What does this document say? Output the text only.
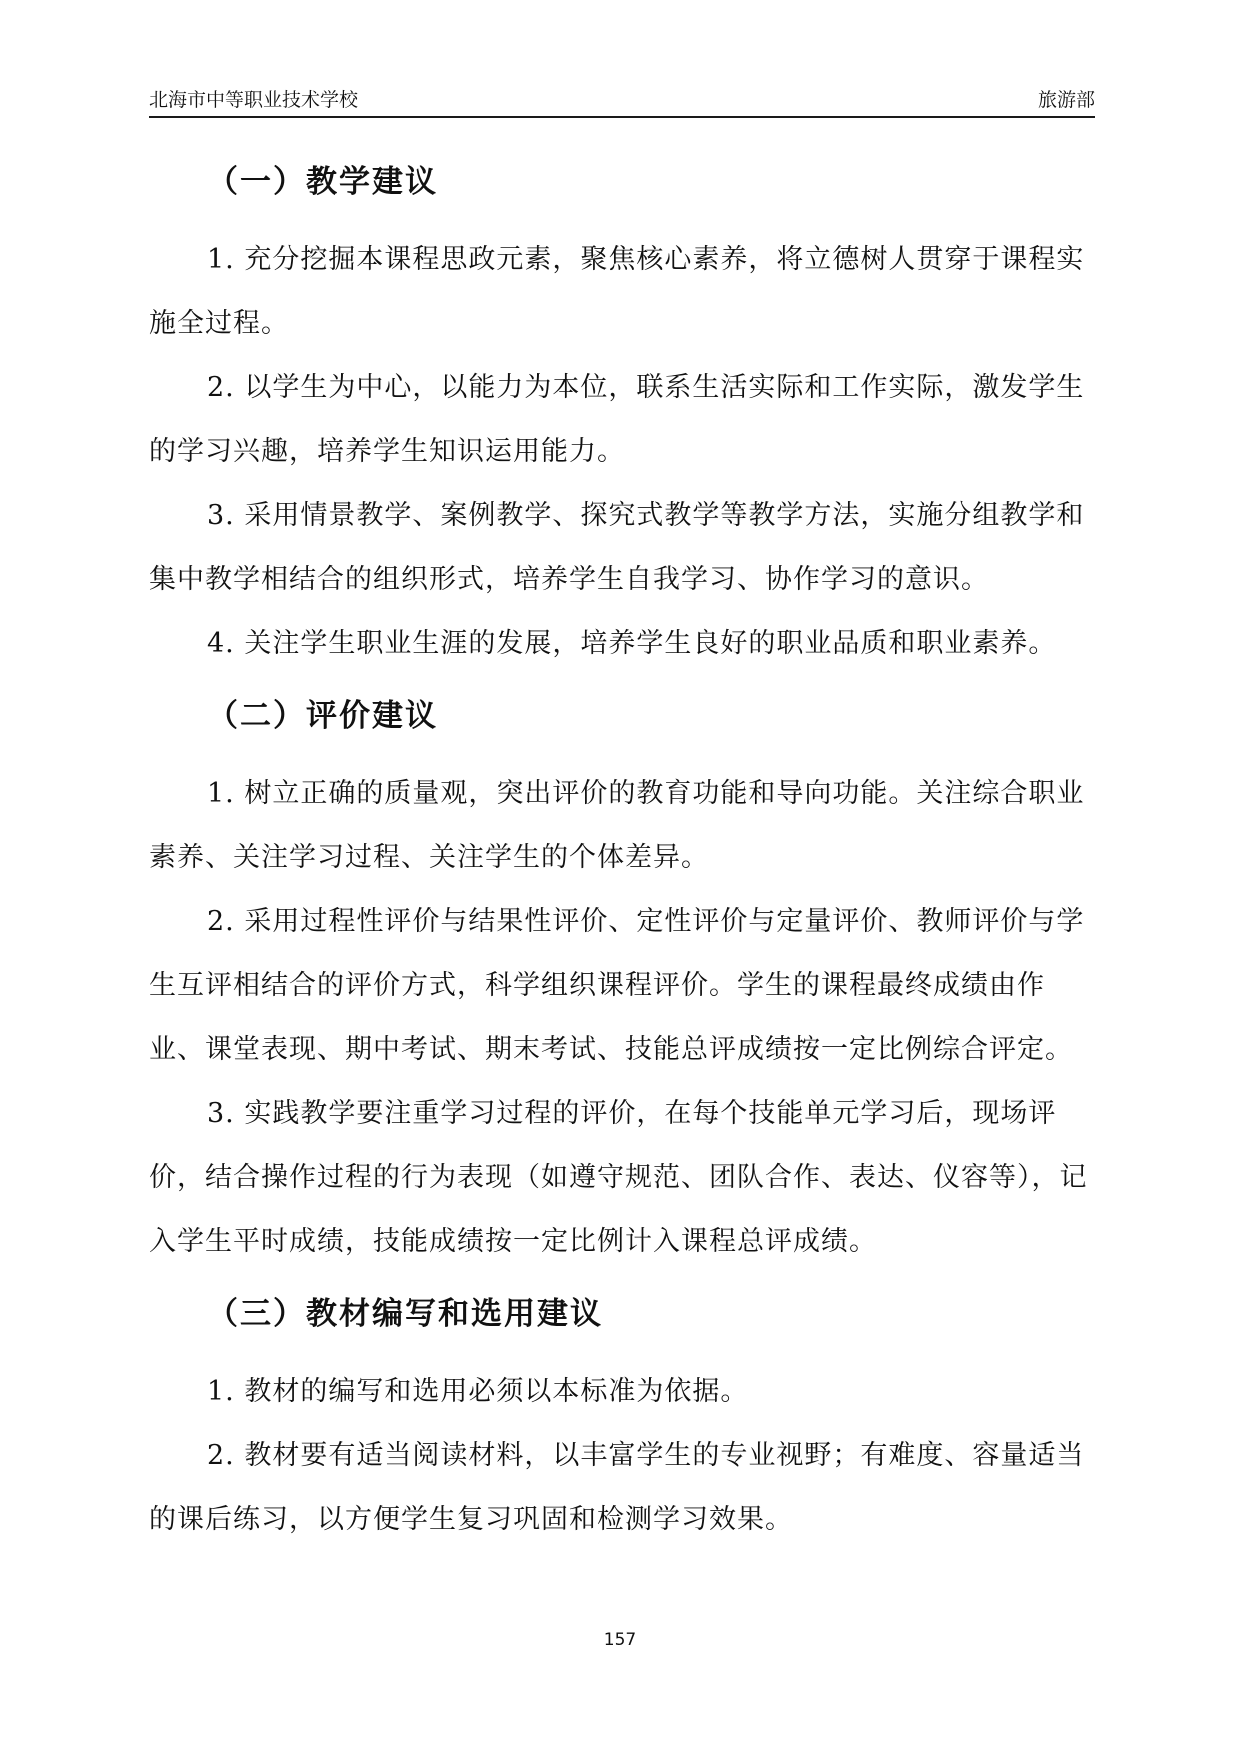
北海市中等职业技术学校	旅游部
（一）教学建议

1. 充分挖掘本课程思政元素，聚焦核心素养，将立德树人贯穿于课程实施全过程。

2. 以学生为中心，以能力为本位，联系生活实际和工作实际，激发学生的学习兴趣，培养学生知识运用能力。

3. 采用情景教学、案例教学、探究式教学等教学方法，实施分组教学和集中教学相结合的组织形式，培养学生自我学习、协作学习的意识。

4. 关注学生职业生涯的发展，培养学生良好的职业品质和职业素养。

（二）评价建议

1. 树立正确的质量观，突出评价的教育功能和导向功能。关注综合职业素养、关注学习过程、关注学生的个体差异。

2. 采用过程性评价与结果性评价、定性评价与定量评价、教师评价与学生互评相结合的评价方式，科学组织课程评价。学生的课程最终成绩由作业、课堂表现、期中考试、期末考试、技能总评成绩按一定比例综合评定。

3. 实践教学要注重学习过程的评价，在每个技能单元学习后，现场评价，结合操作过程的行为表现（如遵守规范、团队合作、表达、仪容等），记入学生平时成绩，技能成绩按一定比例计入课程总评成绩。

（三）教材编写和选用建议

1. 教材的编写和选用必须以本标准为依据。

2. 教材要有适当阅读材料，以丰富学生的专业视野；有难度、容量适当的课后练习，以方便学生复习巩固和检测学习效果。

157
